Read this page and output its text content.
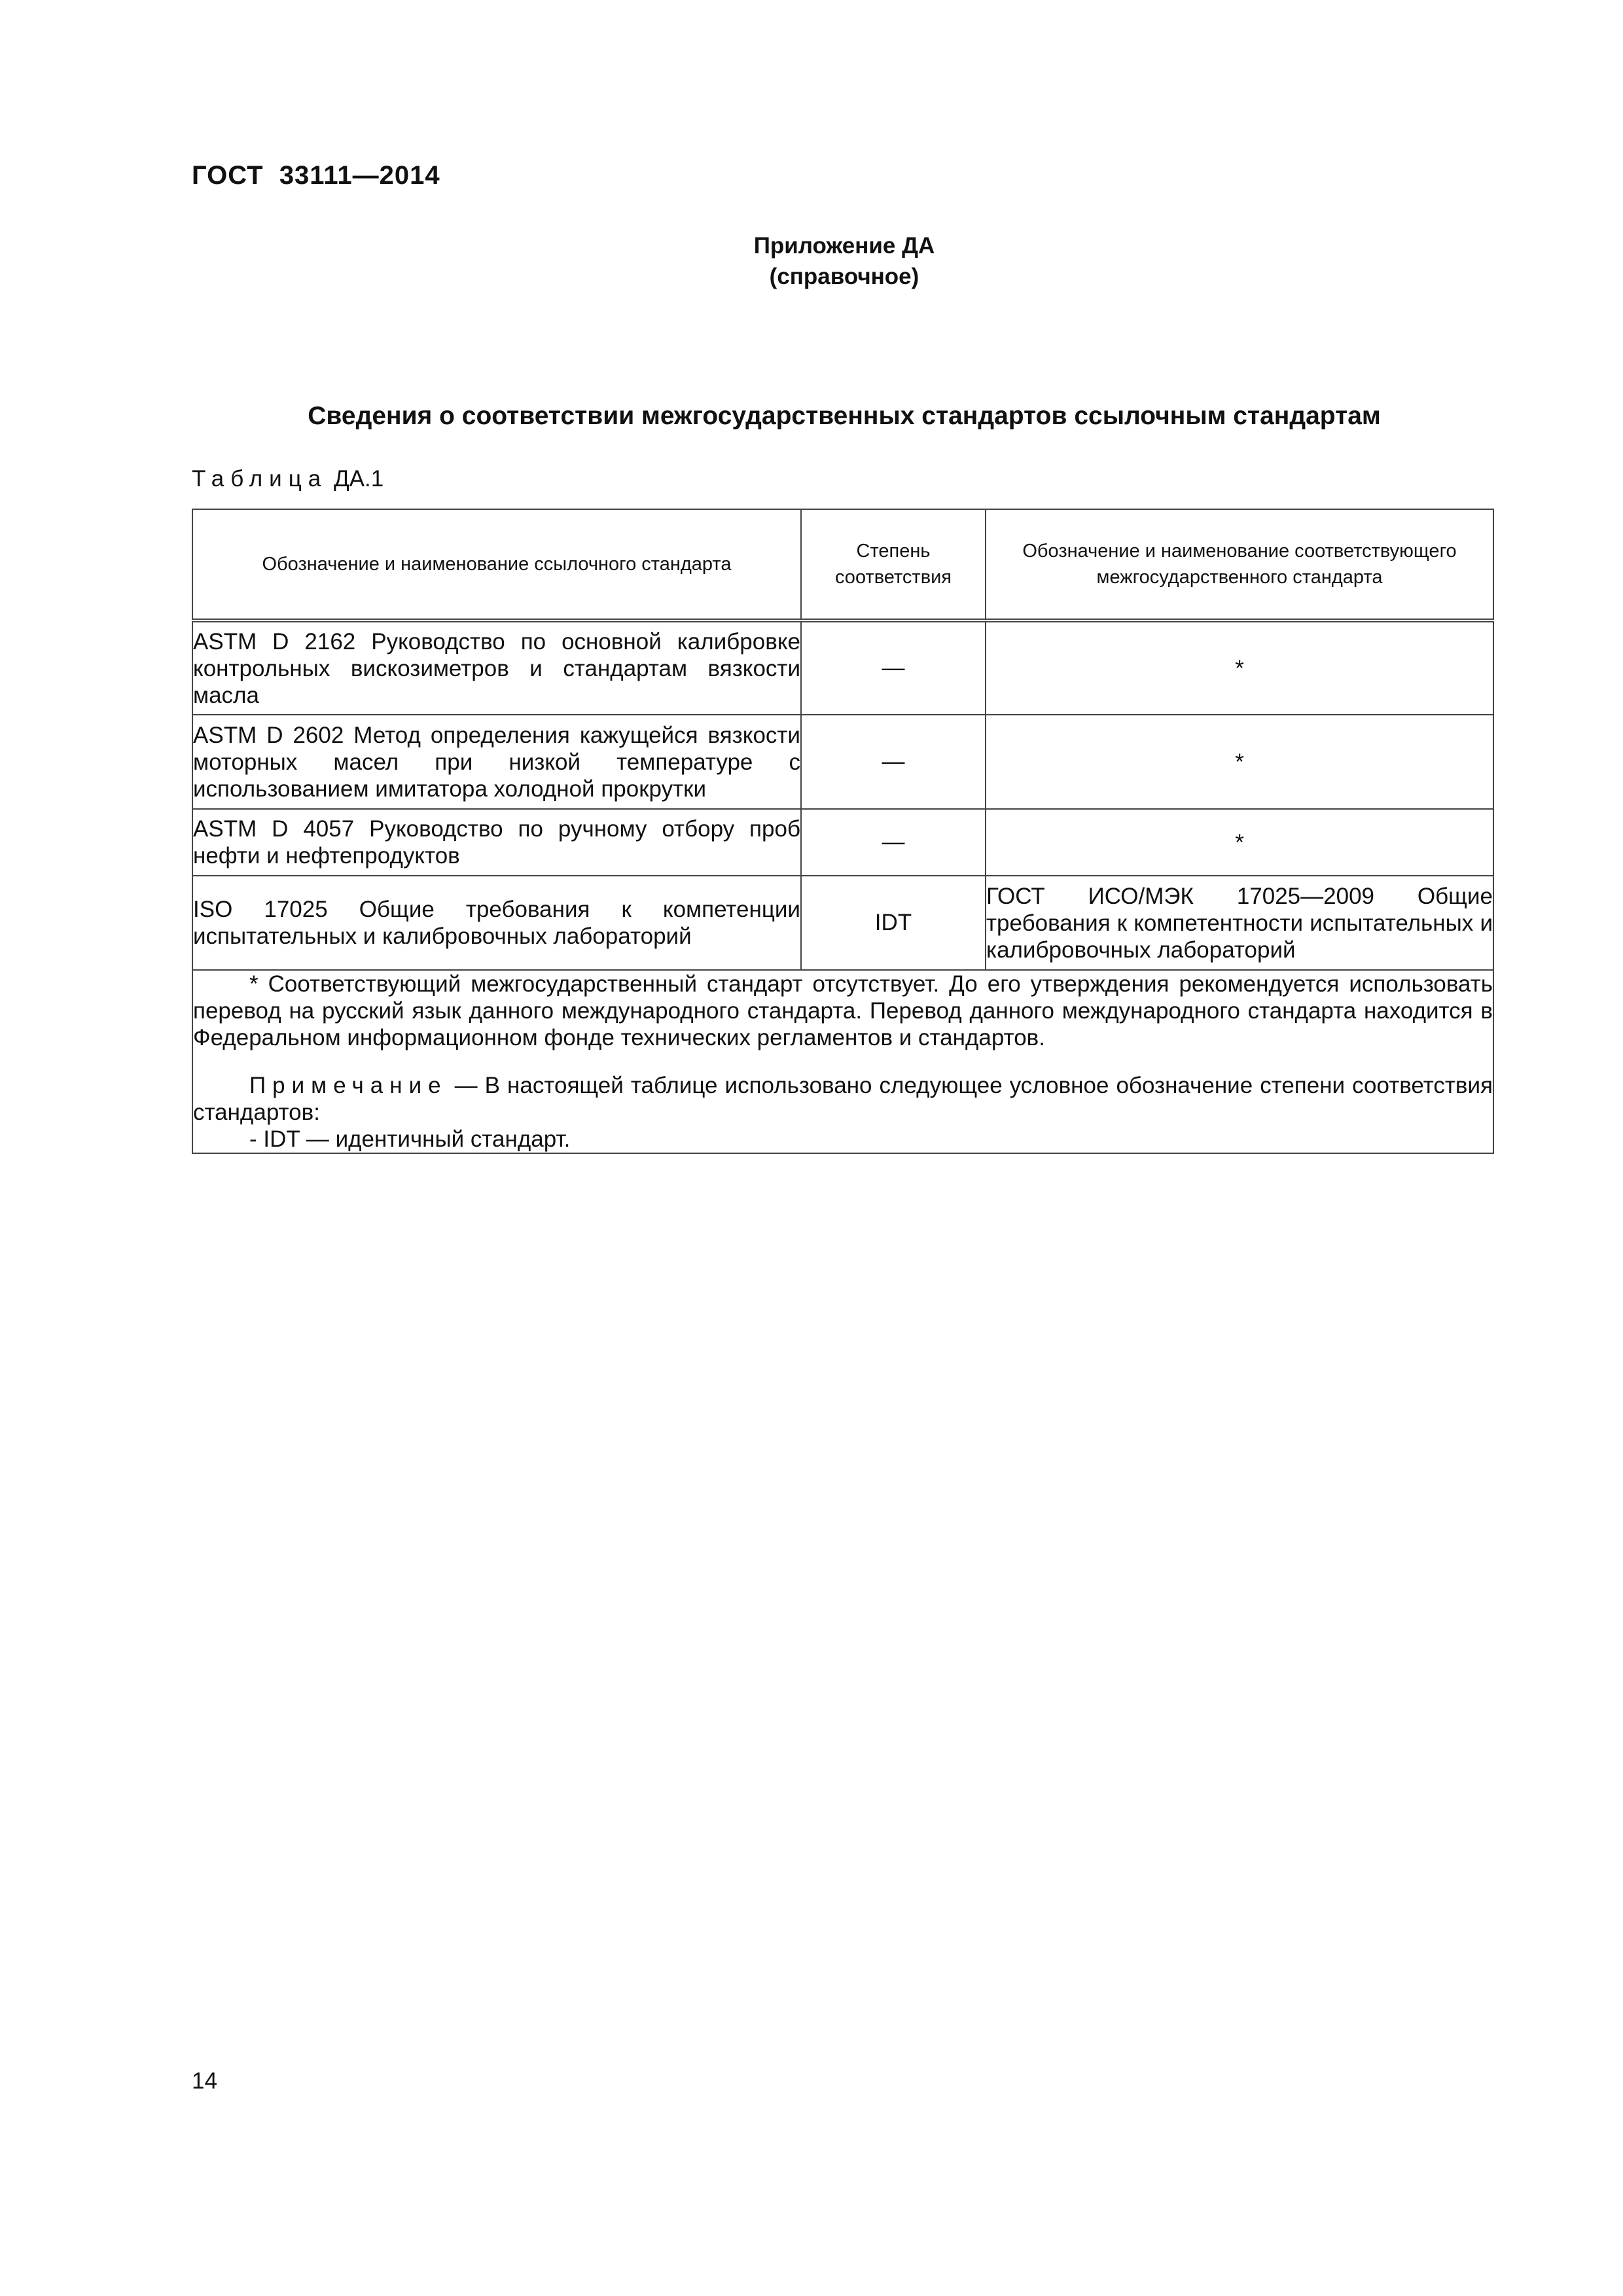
ГОСТ  33111—2014
Приложение ДА
(справочное)
Сведения о соответствии межгосударственных стандартов ссылочным стандартам
Таблица ДА.1
Обозначение и наименование ссылочного стандарта	Степень соответствия	Обозначение и наименование соответствующего межгосударственного стандарта
ASTM D 2162 Руководство по основной калибровке контрольных вискозиметров и стандартам вязкости масла	—	*
ASTM D 2602 Метод определения кажущейся вязкости моторных масел при низкой температуре с использованием имитатора холодной прокрутки	—	*
ASTM D 4057 Руководство по ручному отбору проб нефти и нефтепродуктов	—	*
ISO 17025 Общие требования к компетенции испытательных и калибровочных лабораторий	IDT	ГОСТ ИСО/МЭК 17025—2009 Общие требования к компетентности испытательных и калибровочных лабораторий

* Соответствующий межгосударственный стандарт отсутствует. До его утверждения рекомендуется использовать перевод на русский язык данного международного стандарта. Перевод данного международного стандарта находится в Федеральном информационном фонде технических регламентов и стандартов.
Примечание — В настоящей таблице использовано следующее условное обозначение степени соответствия стандартов:
- IDT — идентичный стандарт.		
14
